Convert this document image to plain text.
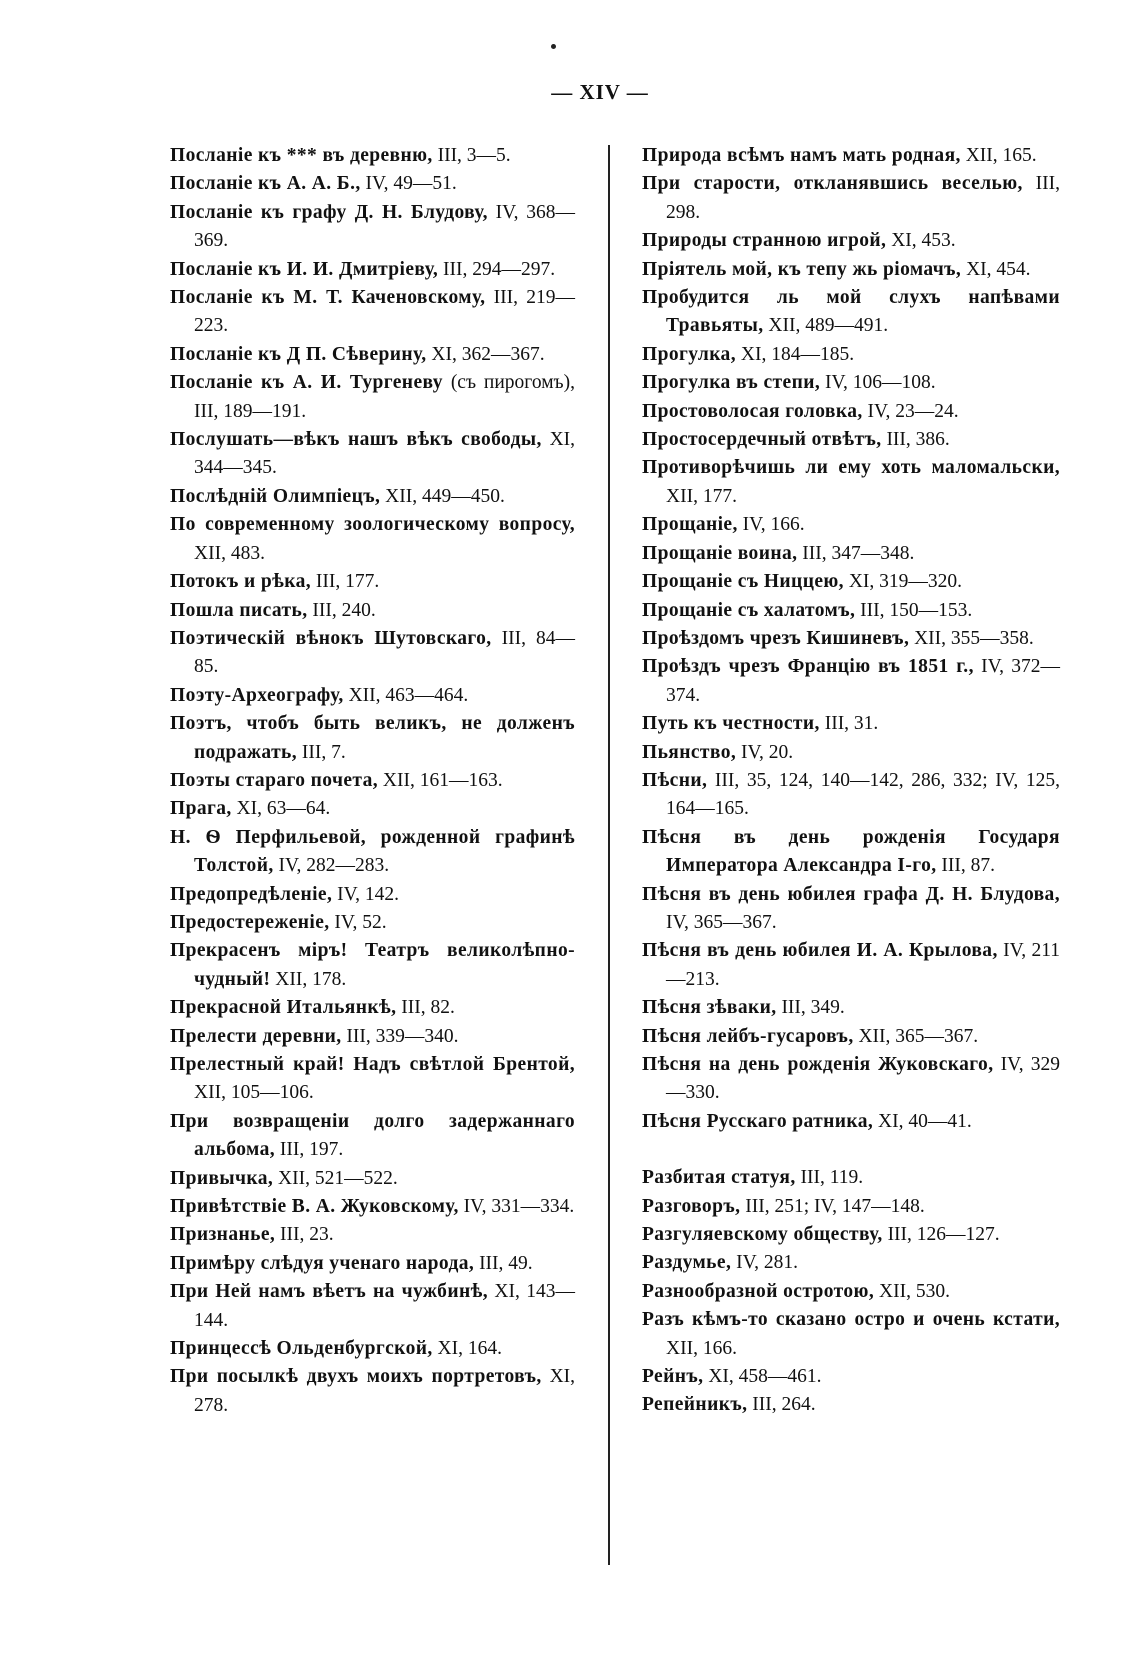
— XIV —
Посланіе къ *** въ деревню, III, 3—5.
Посланіе къ А. А. Б., IV, 49—51.
Посланіе къ графу Д. Н. Блудову, IV, 368—369.
Посланіе къ И. И. Дмитріеву, III, 294—297.
Посланіе къ М. Т. Каченовскому, III, 219—223.
Посланіе къ Д П. Сѣверину, XI, 362—367.
Посланіе къ А. И. Тургеневу (съ пирогомъ), III, 189—191.
Послушать—вѣкъ нашъ вѣкъ свободы, XI, 344—345.
Послѣдній Олимпіецъ, XII, 449—450.
По современному зоологическому вопросу, XII, 483.
Потокъ и рѣка, III, 177.
Пошла писать, III, 240.
Поэтическій вѣнокъ Шутовскаго, III, 84—85.
Поэту-Археографу, XII, 463—464.
Поэтъ, чтобъ быть великъ, не долженъ подражать, III, 7.
Поэты стараго почета, XII, 161—163.
Прага, XI, 63—64.
Н. Ѳ Перфильевой, рожденной графинѣ Толстой, IV, 282—283.
Предопредѣленіе, IV, 142.
Предостереженіе, IV, 52.
Прекрасенъ міръ! Театръ великолѣпно-чудный! XII, 178.
Прекрасной Итальянкѣ, III, 82.
Прелести деревни, III, 339—340.
Прелестный край! Надъ свѣтлой Брентой, XII, 105—106.
При возвращеніи долго задержаннаго альбома, III, 197.
Привычка, XII, 521—522.
Привѣтствіе В. А. Жуковскому, IV, 331—334.
Признанье, III, 23.
Примѣру слѣдуя ученаго народа, III, 49.
При Ней намъ вѣетъ на чужбинѣ, XI, 143—144.
Принцессѣ Ольденбургской, XI, 164.
При посылкѣ двухъ моихъ портретовъ, XI, 278.
Природа всѣмъ намъ мать родная, XII, 165.
При старости, откланявшись веселью, III, 298.
Природы странною игрой, XI, 453.
Пріятель мой, къ тепу жь ріомачъ, XI, 454.
Пробудится ль мой слухъ напѣвами Травьяты, XII, 489—491.
Прогулка, XI, 184—185.
Прогулка въ степи, IV, 106—108.
Простоволосая головка, IV, 23—24.
Простосердечный отвѣтъ, III, 386.
Противорѣчишь ли ему хоть маломальски, XII, 177.
Прощаніе, IV, 166.
Прощаніе воина, III, 347—348.
Прощаніе съ Ниццею, XI, 319—320.
Прощаніе съ халатомъ, III, 150—153.
Проѣздомъ чрезъ Кишиневъ, XII, 355—358.
Проѣздъ чрезъ Францію въ 1851 г., IV, 372—374.
Путь къ честности, III, 31.
Пьянство, IV, 20.
Пѣсни, III, 35, 124, 140—142, 286, 332; IV, 125, 164—165.
Пѣсня въ день рожденія Государя Императора Александра I-го, III, 87.
Пѣсня въ день юбилея графа Д. Н. Блудова, IV, 365—367.
Пѣсня въ день юбилея И. А. Крылова, IV, 211—213.
Пѣсня зѣваки, III, 349.
Пѣсня лейбъ-гусаровъ, XII, 365—367.
Пѣсня на день рожденія Жуковскаго, IV, 329—330.
Пѣсня Русскаго ратника, XI, 40—41.
Разбитая статуя, III, 119.
Разговоръ, III, 251; IV, 147—148.
Разгуляевскому обществу, III, 126—127.
Раздумье, IV, 281.
Разнообразной остротою, XII, 530.
Разъ кѣмъ-то сказано остро и очень кстати, XII, 166.
Рейнъ, XI, 458—461.
Репейникъ, III, 264.
